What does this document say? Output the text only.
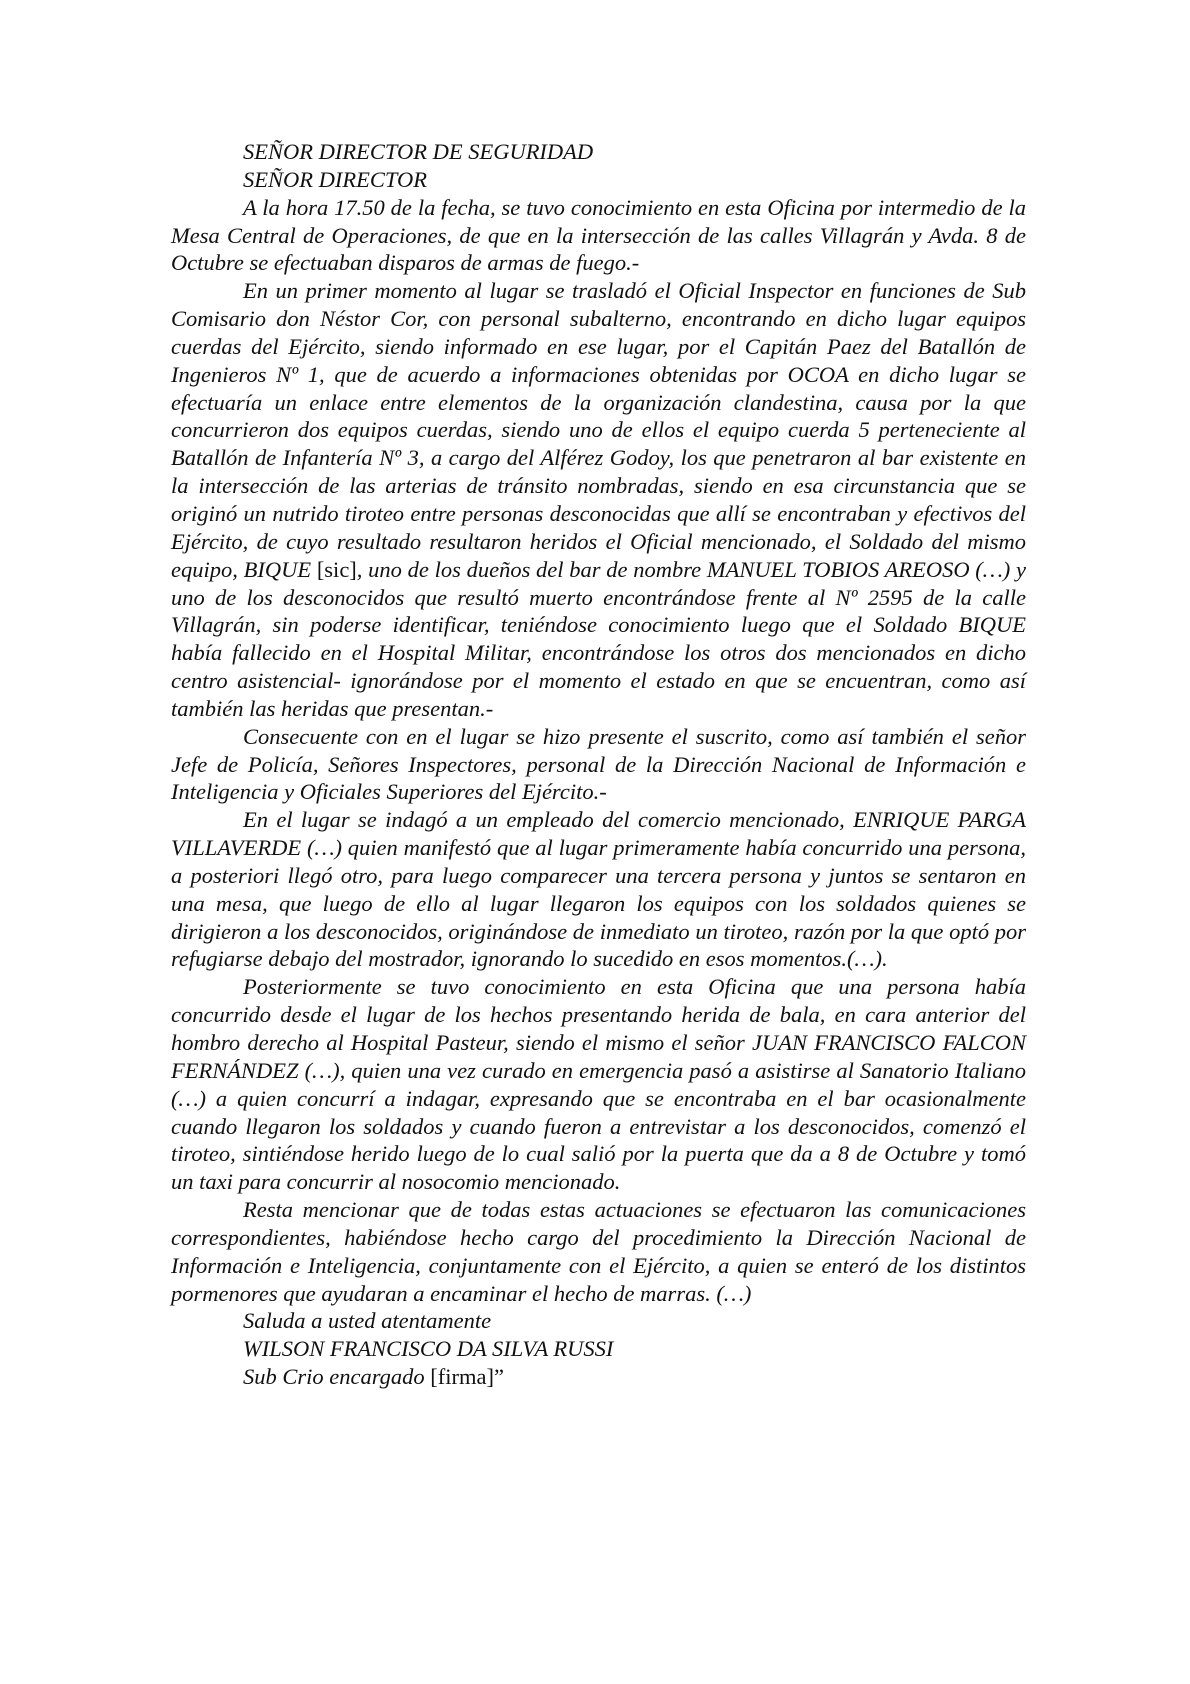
SEÑOR DIRECTOR DE SEGURIDAD
SEÑOR DIRECTOR

A la hora 17.50 de la fecha, se tuvo conocimiento en esta Oficina por intermedio de la Mesa Central de Operaciones, de que en la intersección de las calles Villagrán y Avda. 8 de Octubre se efectuaban disparos de armas de fuego.-

En un primer momento al lugar se trasladó el Oficial Inspector en funciones de Sub Comisario don Néstor Cor, con personal subalterno, encontrando en dicho lugar equipos cuerdas del Ejército, siendo informado en ese lugar, por el Capitán Paez del Batallón de Ingenieros Nº 1, que de acuerdo a informaciones obtenidas por OCOA en dicho lugar se efectuaría un enlace entre elementos de la organización clandestina, causa por la que concurrieron dos equipos cuerdas, siendo uno de ellos el equipo cuerda 5 perteneciente al Batallón de Infantería Nº 3, a cargo del Alférez Godoy, los que penetraron al bar existente en la intersección de las arterias de tránsito nombradas, siendo en esa circunstancia que se originó un nutrido tiroteo entre personas desconocidas que allí se encontraban y efectivos del Ejército, de cuyo resultado resultaron heridos el Oficial mencionado, el Soldado del mismo equipo, BIQUE [sic], uno de los dueños del bar de nombre MANUEL TOBIOS AREOSO (…) y uno de los desconocidos que resultó muerto encontrándose frente al Nº 2595 de la calle Villagrán, sin poderse identificar, teniéndose conocimiento luego que el Soldado BIQUE había fallecido en el Hospital Militar, encontrándose los otros dos mencionados en dicho centro asistencial- ignorándose por el momento el estado en que se encuentran, como así también las heridas que presentan.-

Consecuente con en el lugar se hizo presente el suscrito, como así también el señor Jefe de Policía, Señores Inspectores, personal de la Dirección Nacional de Información e Inteligencia y Oficiales Superiores del Ejército.-

En el lugar se indagó a un empleado del comercio mencionado, ENRIQUE PARGA VILLAVERDE (…) quien manifestó que al lugar primeramente había concurrido una persona, a posteriori llegó otro, para luego comparecer una tercera persona y juntos se sentaron en una mesa, que luego de ello al lugar llegaron los equipos con los soldados quienes se dirigieron a los desconocidos, originándose de inmediato un tiroteo, razón por la que optó por refugiarse debajo del mostrador, ignorando lo sucedido en esos momentos.(…).

Posteriormente se tuvo conocimiento en esta Oficina que una persona había concurrido desde el lugar de los hechos presentando herida de bala, en cara anterior del hombro derecho al Hospital Pasteur, siendo el mismo el señor JUAN FRANCISCO FALCON FERNÁNDEZ (…), quien una vez curado en emergencia pasó a asistirse al Sanatorio Italiano (…) a quien concurrí a indagar, expresando que se encontraba en el bar ocasionalmente cuando llegaron los soldados y cuando fueron a entrevistar a los desconocidos, comenzó el tiroteo, sintiéndose herido luego de lo cual salió por la puerta que da a 8 de Octubre y tomó un taxi para concurrir al nosocomio mencionado.

Resta mencionar que de todas estas actuaciones se efectuaron las comunicaciones correspondientes, habiéndose hecho cargo del procedimiento la Dirección Nacional de Información e Inteligencia, conjuntamente con el Ejército, a quien se enteró de los distintos pormenores que ayudaran a encaminar el hecho de marras. (…)

Saluda a usted atentamente
WILSON FRANCISCO DA SILVA RUSSI
Sub Crio encargado [firma]”
